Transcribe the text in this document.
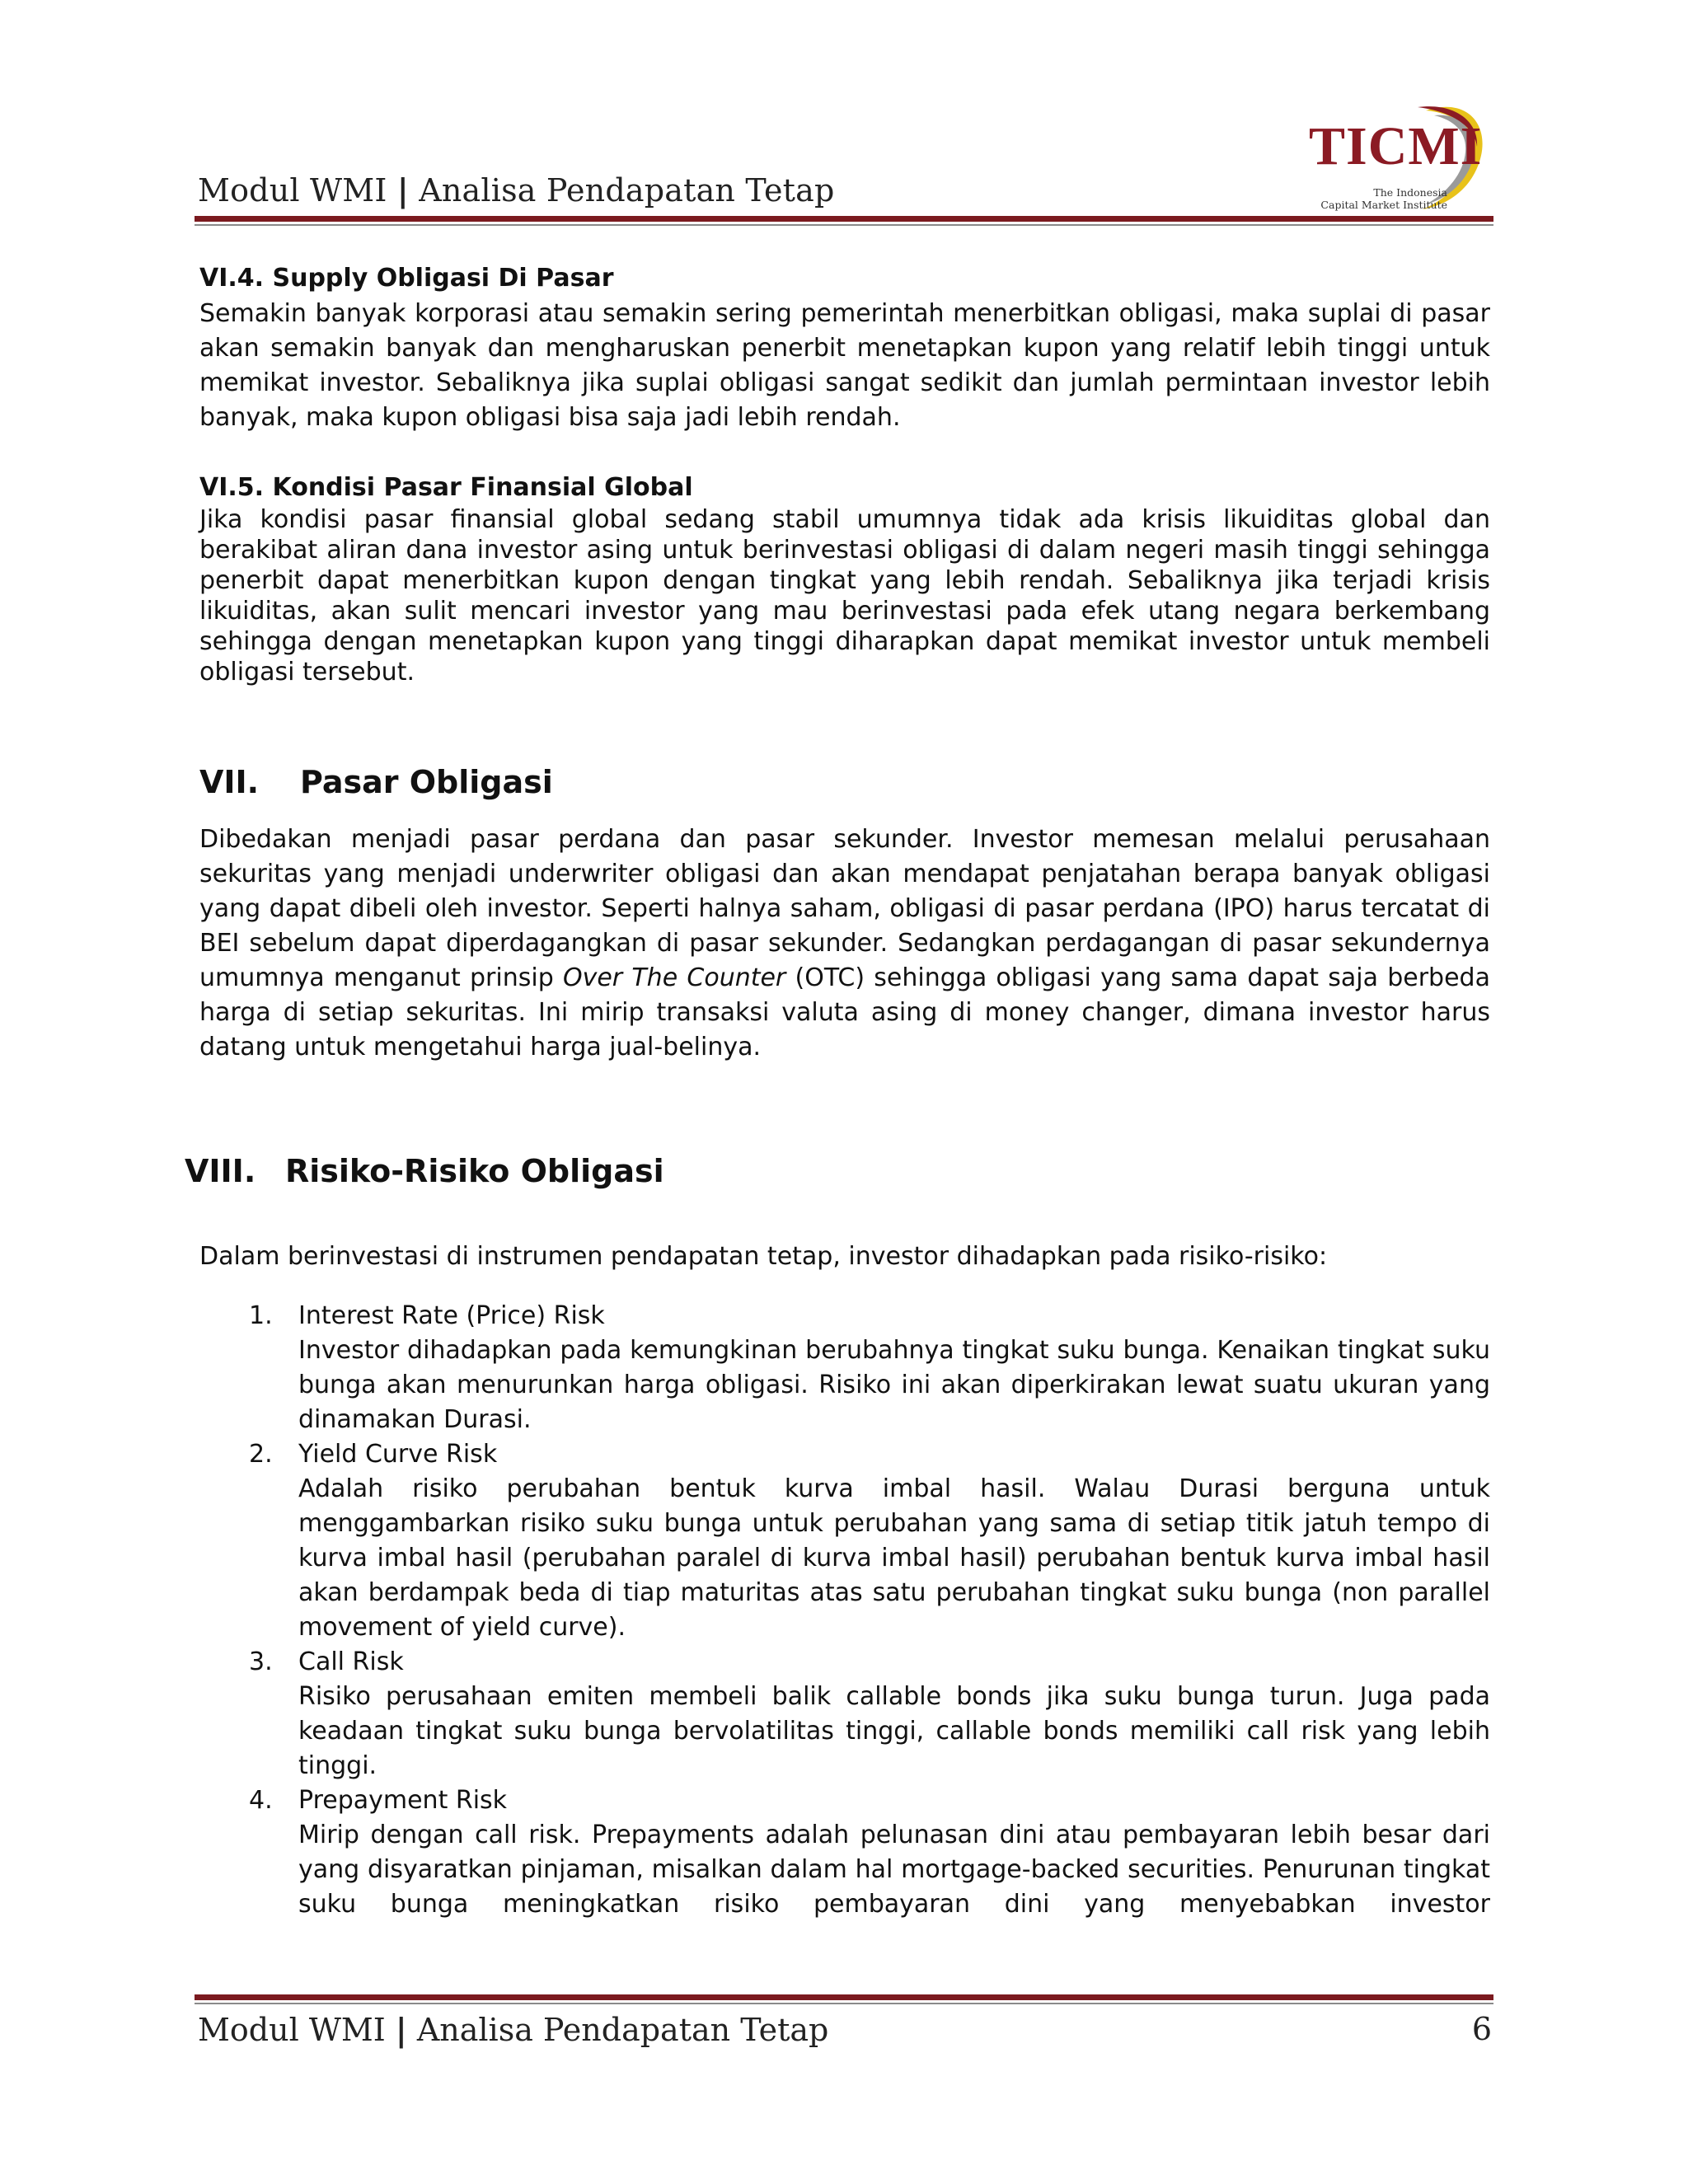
Modul WMI | Analisa Pendapatan Tetap
TICMI
The Indonesia
Capital Market Institute
VI.4. Supply Obligasi Di Pasar
Semakin banyak korporasi atau semakin sering pemerintah menerbitkan obligasi, maka suplai di pasar akan semakin banyak dan mengharuskan penerbit menetapkan kupon yang relatif lebih tinggi untuk memikat investor. Sebaliknya jika suplai obligasi sangat sedikit dan jumlah permintaan investor lebih banyak, maka kupon obligasi bisa saja jadi lebih rendah.
VI.5. Kondisi Pasar Finansial Global
Jika kondisi pasar finansial global sedang stabil umumnya tidak ada krisis likuiditas global dan berakibat aliran dana investor asing untuk berinvestasi obligasi di dalam negeri masih tinggi sehingga penerbit dapat menerbitkan kupon dengan tingkat yang lebih rendah. Sebaliknya jika terjadi krisis likuiditas, akan sulit mencari investor yang mau berinvestasi pada efek utang negara berkembang sehingga dengan menetapkan kupon yang tinggi diharapkan dapat memikat investor untuk membeli obligasi tersebut.
VII.	Pasar Obligasi
Dibedakan menjadi pasar perdana dan pasar sekunder. Investor memesan melalui perusahaan sekuritas yang menjadi underwriter obligasi dan akan mendapat penjatahan berapa banyak obligasi yang dapat dibeli oleh investor. Seperti halnya saham, obligasi di pasar perdana (IPO) harus tercatat di BEI sebelum dapat diperdagangkan di pasar sekunder. Sedangkan perdagangan di pasar sekundernya umumnya menganut prinsip Over The Counter (OTC) sehingga obligasi yang sama dapat saja berbeda harga di setiap sekuritas. Ini mirip transaksi valuta asing di money changer, dimana investor harus datang untuk mengetahui harga jual-belinya.
VIII. Risiko-Risiko Obligasi
Dalam berinvestasi di instrumen pendapatan tetap, investor dihadapkan pada risiko-risiko:
1. Interest Rate (Price) Risk
Investor dihadapkan pada kemungkinan berubahnya tingkat suku bunga. Kenaikan tingkat suku bunga akan menurunkan harga obligasi. Risiko ini akan diperkirakan lewat suatu ukuran yang dinamakan Durasi.
2. Yield Curve Risk
Adalah risiko perubahan bentuk kurva imbal hasil. Walau Durasi berguna untuk menggambarkan risiko suku bunga untuk perubahan yang sama di setiap titik jatuh tempo di kurva imbal hasil (perubahan paralel di kurva imbal hasil) perubahan bentuk kurva imbal hasil akan berdampak beda di tiap maturitas atas satu perubahan tingkat suku bunga (non parallel movement of yield curve).
3. Call Risk
Risiko perusahaan emiten membeli balik callable bonds jika suku bunga turun. Juga pada keadaan tingkat suku bunga bervolatilitas tinggi, callable bonds memiliki call risk yang lebih tinggi.
4. Prepayment Risk
Mirip dengan call risk. Prepayments adalah pelunasan dini atau pembayaran lebih besar dari yang disyaratkan pinjaman, misalkan dalam hal mortgage-backed securities. Penurunan tingkat suku bunga meningkatkan risiko pembayaran dini yang menyebabkan investor
Modul WMI | Analisa Pendapatan Tetap	6
